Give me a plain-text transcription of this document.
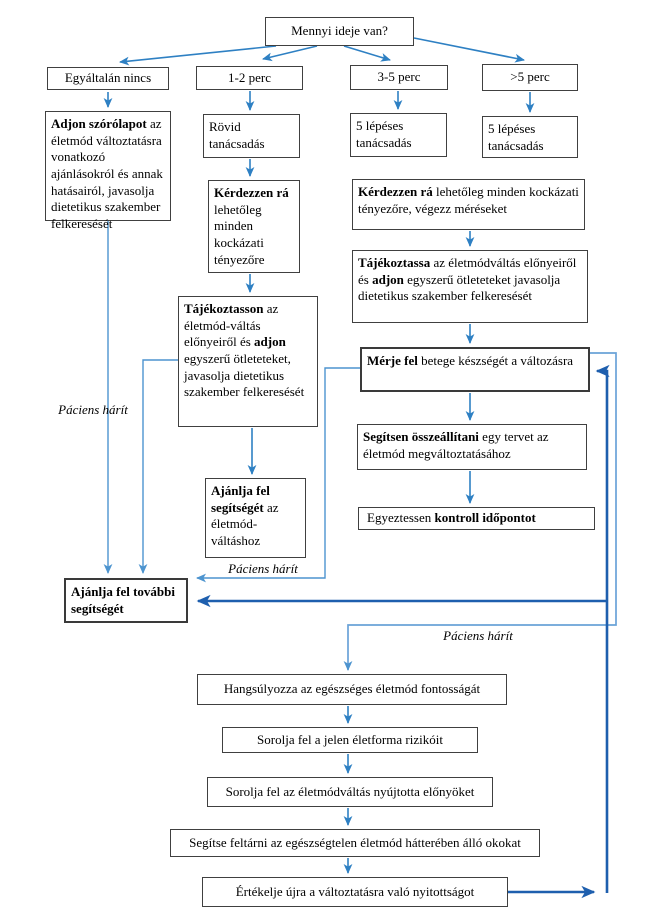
Mennyi ideje van?
Egyáltalán nincs	1-2 perc	3-5 perc	>5 perc
Adjon szórólapot az életmód változtatásra vonatkozó ajánlásokról és annak hatásairól, javasolja dietetikus szakember felkeresését
Rövid tanácsadás
Kérdezzen rá lehetőleg minden kockázati tényezőre
Tájékoztasson az életmód-váltás előnyeiről és adjon egyszerű ötleteteket, javasolja dietetikus szakember felkeresését
Ajánlja fel segítségét az életmód-váltáshoz
5 lépéses tanácsadás
5 lépéses tanácsadás
Kérdezzen rá lehetőleg minden kockázati tényezőre, végezz méréseket
Tájékoztassa az életmódváltás előnyeiről és adjon egyszerű ötleteteket javasolja dietetikus szakember felkeresését
Mérje fel betege készségét a változásra
Segítsen összeállítani egy tervet az életmód megváltoztatásához
Egyeztessen kontroll időpontot
Ajánlja fel további segítségét
Hangsúlyozza az egészséges életmód fontosságát
Sorolja fel a jelen életforma rizikóit
Sorolja fel az életmódváltás nyújtotta előnyöket
Segítse feltárni az egészségtelen életmód hátterében álló okokat
Értékelje újra a változtatásra való nyitottságot
Páciens hárít
Páciens hárít
Páciens hárít
